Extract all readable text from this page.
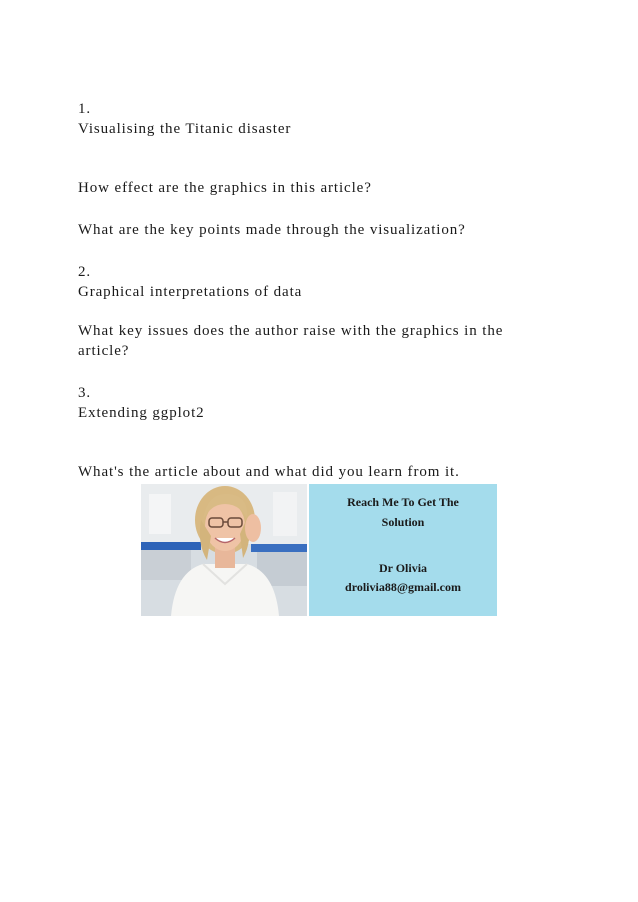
1.
Visualising the Titanic disaster
How effect are the graphics in this article?
What are the key points made through the visualization?
2.
Graphical interpretations of data
What key issues does the author raise with the graphics in the
article?
3.
Extending ggplot2
What's the article about and what did you learn from it.
Reach Me To Get The
Solution
Dr Olivia
drolivia88@gmail.com
